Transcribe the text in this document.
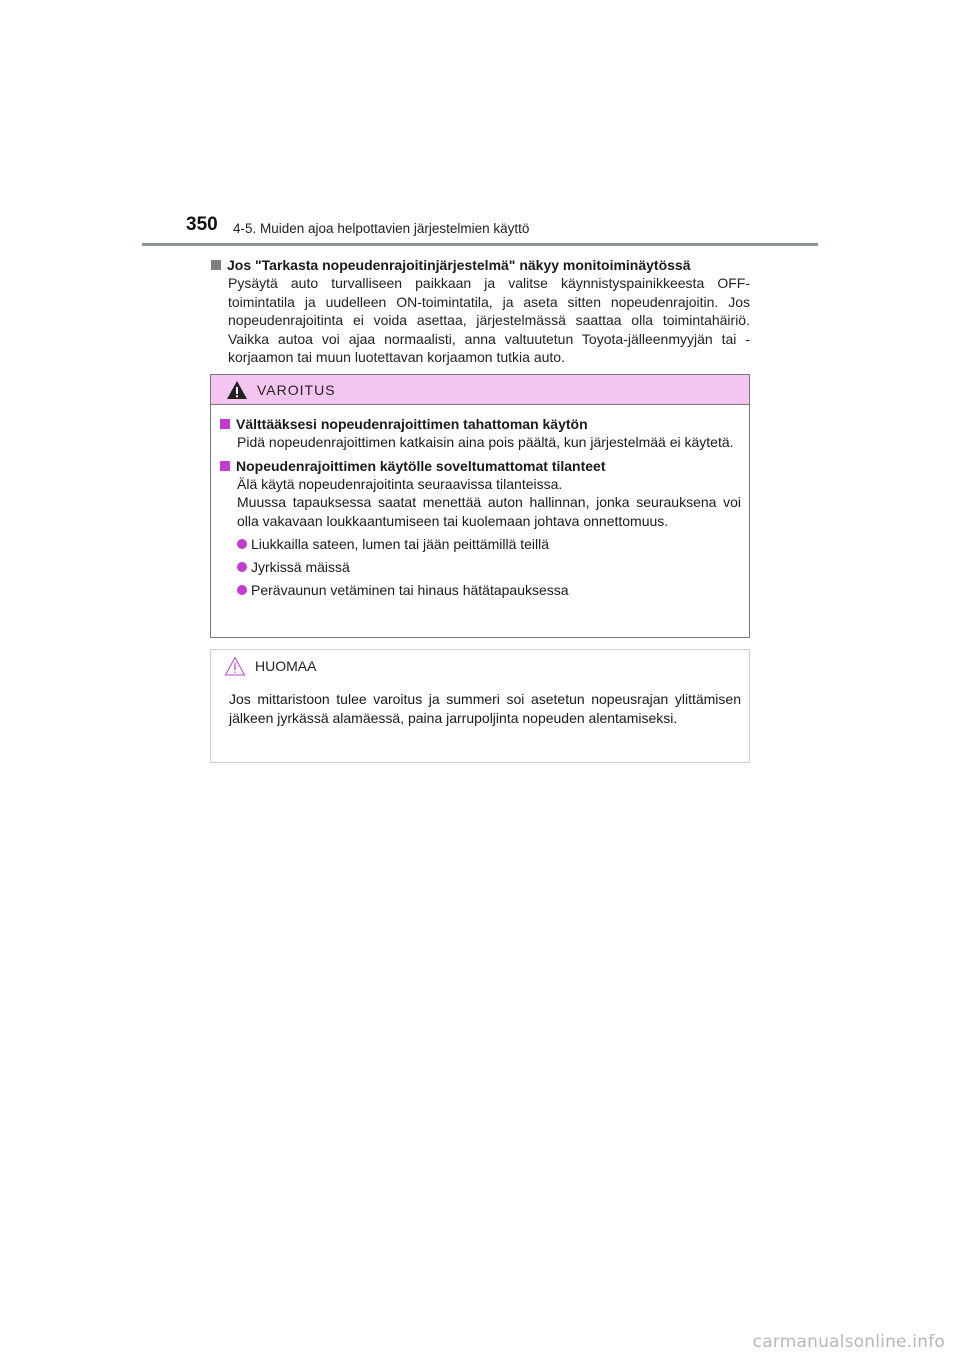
350 4-5. Muiden ajoa helpottavien järjestelmien käyttö
Jos "Tarkasta nopeudenrajoitinjärjestelmä" näkyy monitoiminäytössä
Pysäytä auto turvalliseen paikkaan ja valitse käynnistyspainikkeesta OFF-toimintatila ja uudelleen ON-toimintatila, ja aseta sitten nopeudenrajoitin. Jos nopeudenrajoitinta ei voida asettaa, järjestelmässä saattaa olla toimintahäiriö. Vaikka autoa voi ajaa normaalisti, anna valtuutetun Toyota-jälleenmyyjän tai -korjaamon tai muun luotettavan korjaamon tutkia auto.
VAROITUS
Välttääksesi nopeudenrajoittimen tahattoman käytön
Pidä nopeudenrajoittimen katkaisin aina pois päältä, kun järjestelmää ei käytetä.
Nopeudenrajoittimen käytölle soveltumattomat tilanteet
Älä käytä nopeudenrajoitinta seuraavissa tilanteissa.
Muussa tapauksessa saatat menettää auton hallinnan, jonka seurauksena voi olla vakavaan loukkaantumiseen tai kuolemaan johtava onnettomuus.
Liukkailla sateen, lumen tai jään peittämillä teillä
Jyrkissä mäissä
Perävaunun vetäminen tai hinaus hätätapauksessa
HUOMAA
Jos mittaristoon tulee varoitus ja summeri soi asetetun nopeusrajan ylittämisen jälkeen jyrkässä alamäessä, paina jarrupoljinta nopeuden alentamiseksi.
carmanualsonline.info
